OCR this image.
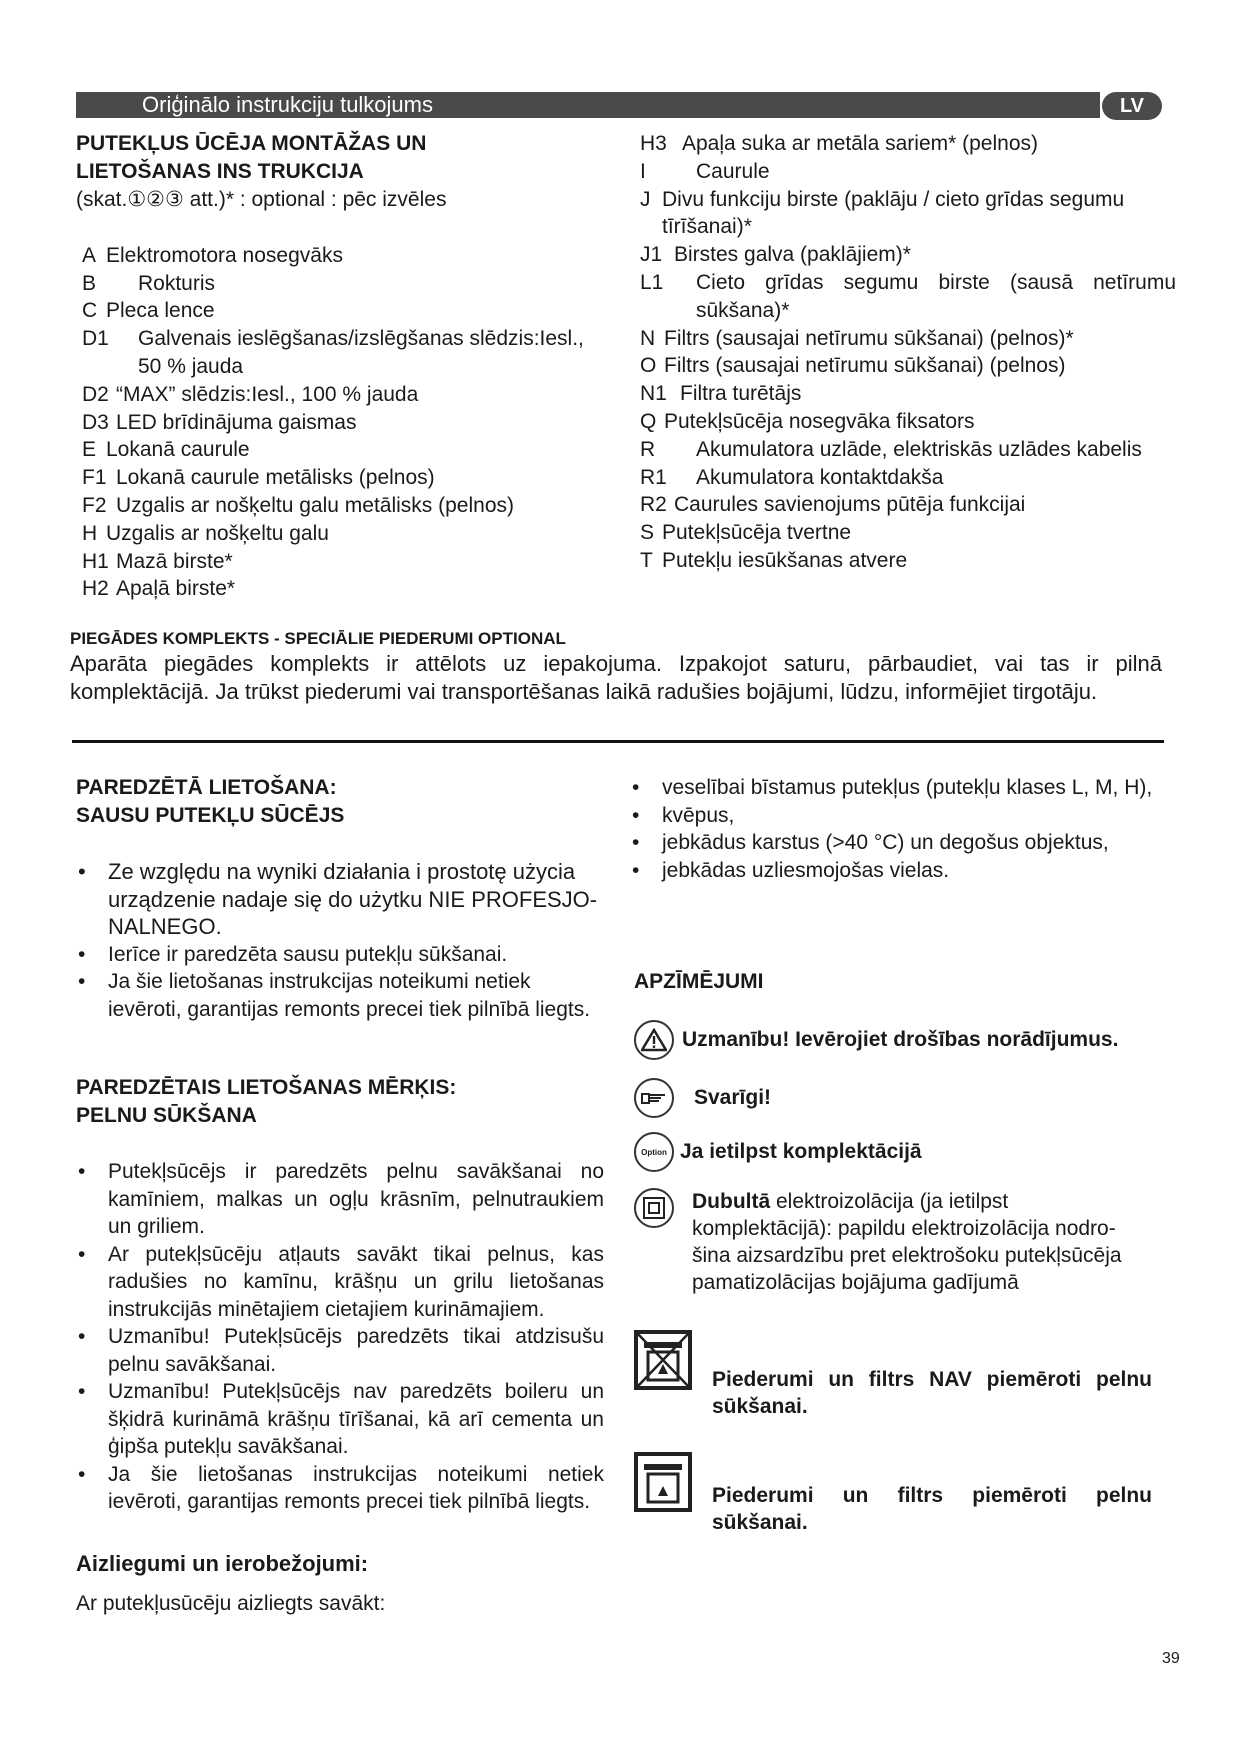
Oriģinālo instrukciju tulkojums	LV

PUTEKĻUS ŪCĒJA MONTĀŽAS UN

LIETOŠANAS INS TRUKCIJA

(skat.①②③ att.)* : optional : pēc izvēles

A Elektromotora nosegvāks
B	Rokturis
C Pleca lence
D1	Galvenais ieslēgšanas/izslēgšanas slēdzis:Iesl., 50 % jauda
D2 “MAX” slēdzis:Iesl., 100 % jauda
D3 LED brīdinājuma gaismas
E Lokanā caurule
F1 Lokanā caurule metālisks (pelnos)
F2 Uzgalis ar nošķeltu galu metālisks (pelnos)
H Uzgalis ar nošķeltu galu
H1 Mazā birste*
H2 Apaļā birste*
H3 Apaļa suka ar metāla sariem* (pelnos)
I	Caurule
J Divu funkciju birste (paklāju / cieto grīdas segumu tīrīšanai)*
J1 Birstes galva (paklājiem)*
L1	Cieto grīdas segumu birste (sausā netīrumu sūkšana)*
N Filtrs (sausajai netīrumu sūkšanai) (pelnos)*
O Filtrs (sausajai netīrumu sūkšanai) (pelnos)
N1 Filtra turētājs
Q Putekļsūcēja nosegvāka fiksators
R	Akumulatora uzlāde, elektriskās uzlādes kabelis
R1	Akumulatora kontaktdakša
R2 Caurules savienojums pūtēja funkcijai
S Putekļsūcēja tvertne
T Putekļu iesūkšanas atvere

PIEGĀDES KOMPLEKTS - SPECIĀLIE PIEDERUMI OPTIONAL

Aparāta piegādes komplekts ir attēlots uz iepakojuma. Izpakojot saturu, pārbaudiet, vai tas ir pilnā komplektācijā. Ja trūkst piederumi vai transportēšanas laikā radušies bojājumi, lūdzu, informējiet tirgotāju.

PAREDZĒTĀ LIETOŠANA:

SAUSU PUTEKĻU SŪCĒJS

• Ze względu na wyniki działania i prostotę użycia urządzenie nadaje się do użytku NIE PROFESJO-NALNEGO.
• Ierīce ir paredzēta sausu putekļu sūkšanai.
• Ja šie lietošanas instrukcijas noteikumi netiek ievēroti, garantijas remonts precei tiek pilnībā liegts.

PAREDZĒTAIS LIETOŠANAS MĒRĶIS:

PELNU SŪKŠANA

• Putekļsūcējs ir paredzēts pelnu savākšanai no kamīniem, malkas un ogļu krāsnīm, pelnutraukiem un griliem.
• Ar putekļsūcēju atļauts savākt tikai pelnus, kas radušies no kamīnu, krāšņu un grilu lietošanas instrukcijās minētajiem cietajiem kurināmajiem.
• Uzmanību! Putekļsūcējs paredzēts tikai atdzisušu pelnu savākšanai.
• Uzmanību! Putekļsūcējs nav paredzēts boileru un šķidrā kurināmā krāšņu tīrīšanai, kā arī cementa un ģipša putekļu savākšanai.
• Ja šie lietošanas instrukcijas noteikumi netiek ievēroti, garantijas remonts precei tiek pilnībā liegts.

Aizliegumi un ierobežojumi:

Ar putekļusūcēju aizliegts savākt:

• veselībai bīstamus putekļus (putekļu klases L, M, H),
• kvēpus,
• jebkādus karstus (>40 °C) un degošus objektus,
• jebkādas uzliesmojošas vielas.

APZĪMĒJUMI

Uzmanību! Ievērojiet drošības norādījumus.
Svarīgi!
Option Ja ietilpst komplektācijā

Dubultā elektroizolācija (ja ietilpst komplektācijā): papildu elektroizolācija nodro- šina aizsardzību pret elektrošoku putekļsūcēja pamatizolācijas bojājuma gadījumā

Piederumi un filtrs NAV piemēroti pelnu sūkšanai.

Piederumi un filtrs piemēroti pelnu sūkšanai.

39
